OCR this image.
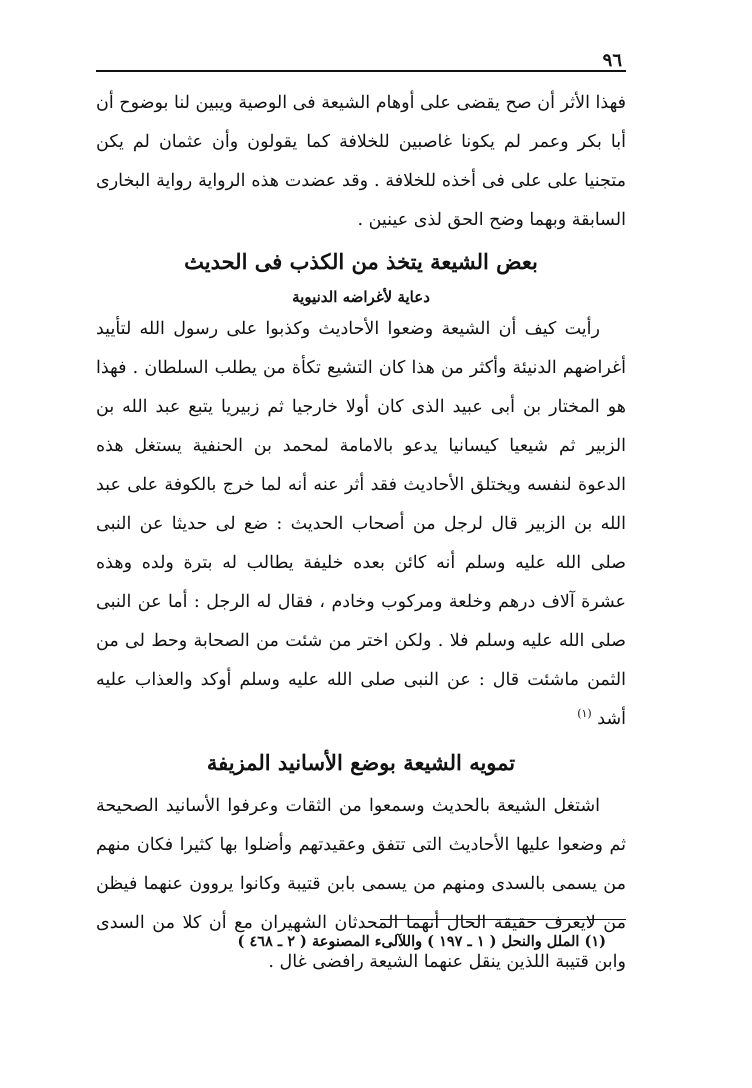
٩٦

فهذا الأثر أن صح يقضى على أوهام الشيعة فى الوصية ويبين لنا بوضوح أن أبا بكر وعمر لم يكونا غاصبين للخلافة كما يقولون وأن عثمان لم يكن متجنيا على على فى أخذه للخلافة . وقد عضدت هذه الرواية رواية البخارى السابقة وبهما وضح الحق لذى عينين .

بعض الشيعة يتخذ من الكذب فى الحديث
دعاية لأغراضه الدنيوية

رأيت كيف أن الشيعة وضعوا الأحاديث وكذبوا على رسول الله لتأييد أغراضهم الدنيئة وأكثر من هذا كان التشيع تكأة من يطلب السلطان . فهذا هو المختار بن أبى عبيد الذى كان أولا خارجيا ثم زبيريا يتبع عبد الله بن الزبير ثم شيعيا كيسانيا يدعو بالامامة لمحمد بن الحنفية يستغل هذه الدعوة لنفسه ويختلق الأحاديث فقد أثر عنه أنه لما خرج بالكوفة على عبد الله بن الزبير قال لرجل من أصحاب الحديث : ضع لى حديثا عن النبى صلى الله عليه وسلم أنه كائن بعده خليفة يطالب له بترة ولده وهذه عشرة آلاف درهم وخلعة ومركوب وخادم ، فقال له الرجل : أما عن النبى صلى الله عليه وسلم فلا . ولكن اختر من شئت من الصحابة وحط لى من الثمن ماشئت قال : عن النبى صلى الله عليه وسلم أوكد والعذاب عليه أشد $^{(١)}$

تمويه الشيعة بوضع الأسانيد المزيفة

اشتغل الشيعة بالحديث وسمعوا من الثقات وعرفوا الأسانيد الصحيحة ثم وضعوا عليها الأحاديث التى تتفق وعقيدتهم وأضلوا بها كثيرا فكان منهم من يسمى بالسدى ومنهم من يسمى بابن قتيبة وكانوا يروون عنهما فيظن من لايعرف حقيقة الحال أنهما المحدثان الشهيران مع أن كلا من السدى وابن قتيبة اللذين ينقل عنهما الشيعة رافضى غال .

(١) الملل والنحل ( ١ ـ ١٩٧ ) واللآلىء المصنوعة ( ٢ ـ ٤٦٨ )
